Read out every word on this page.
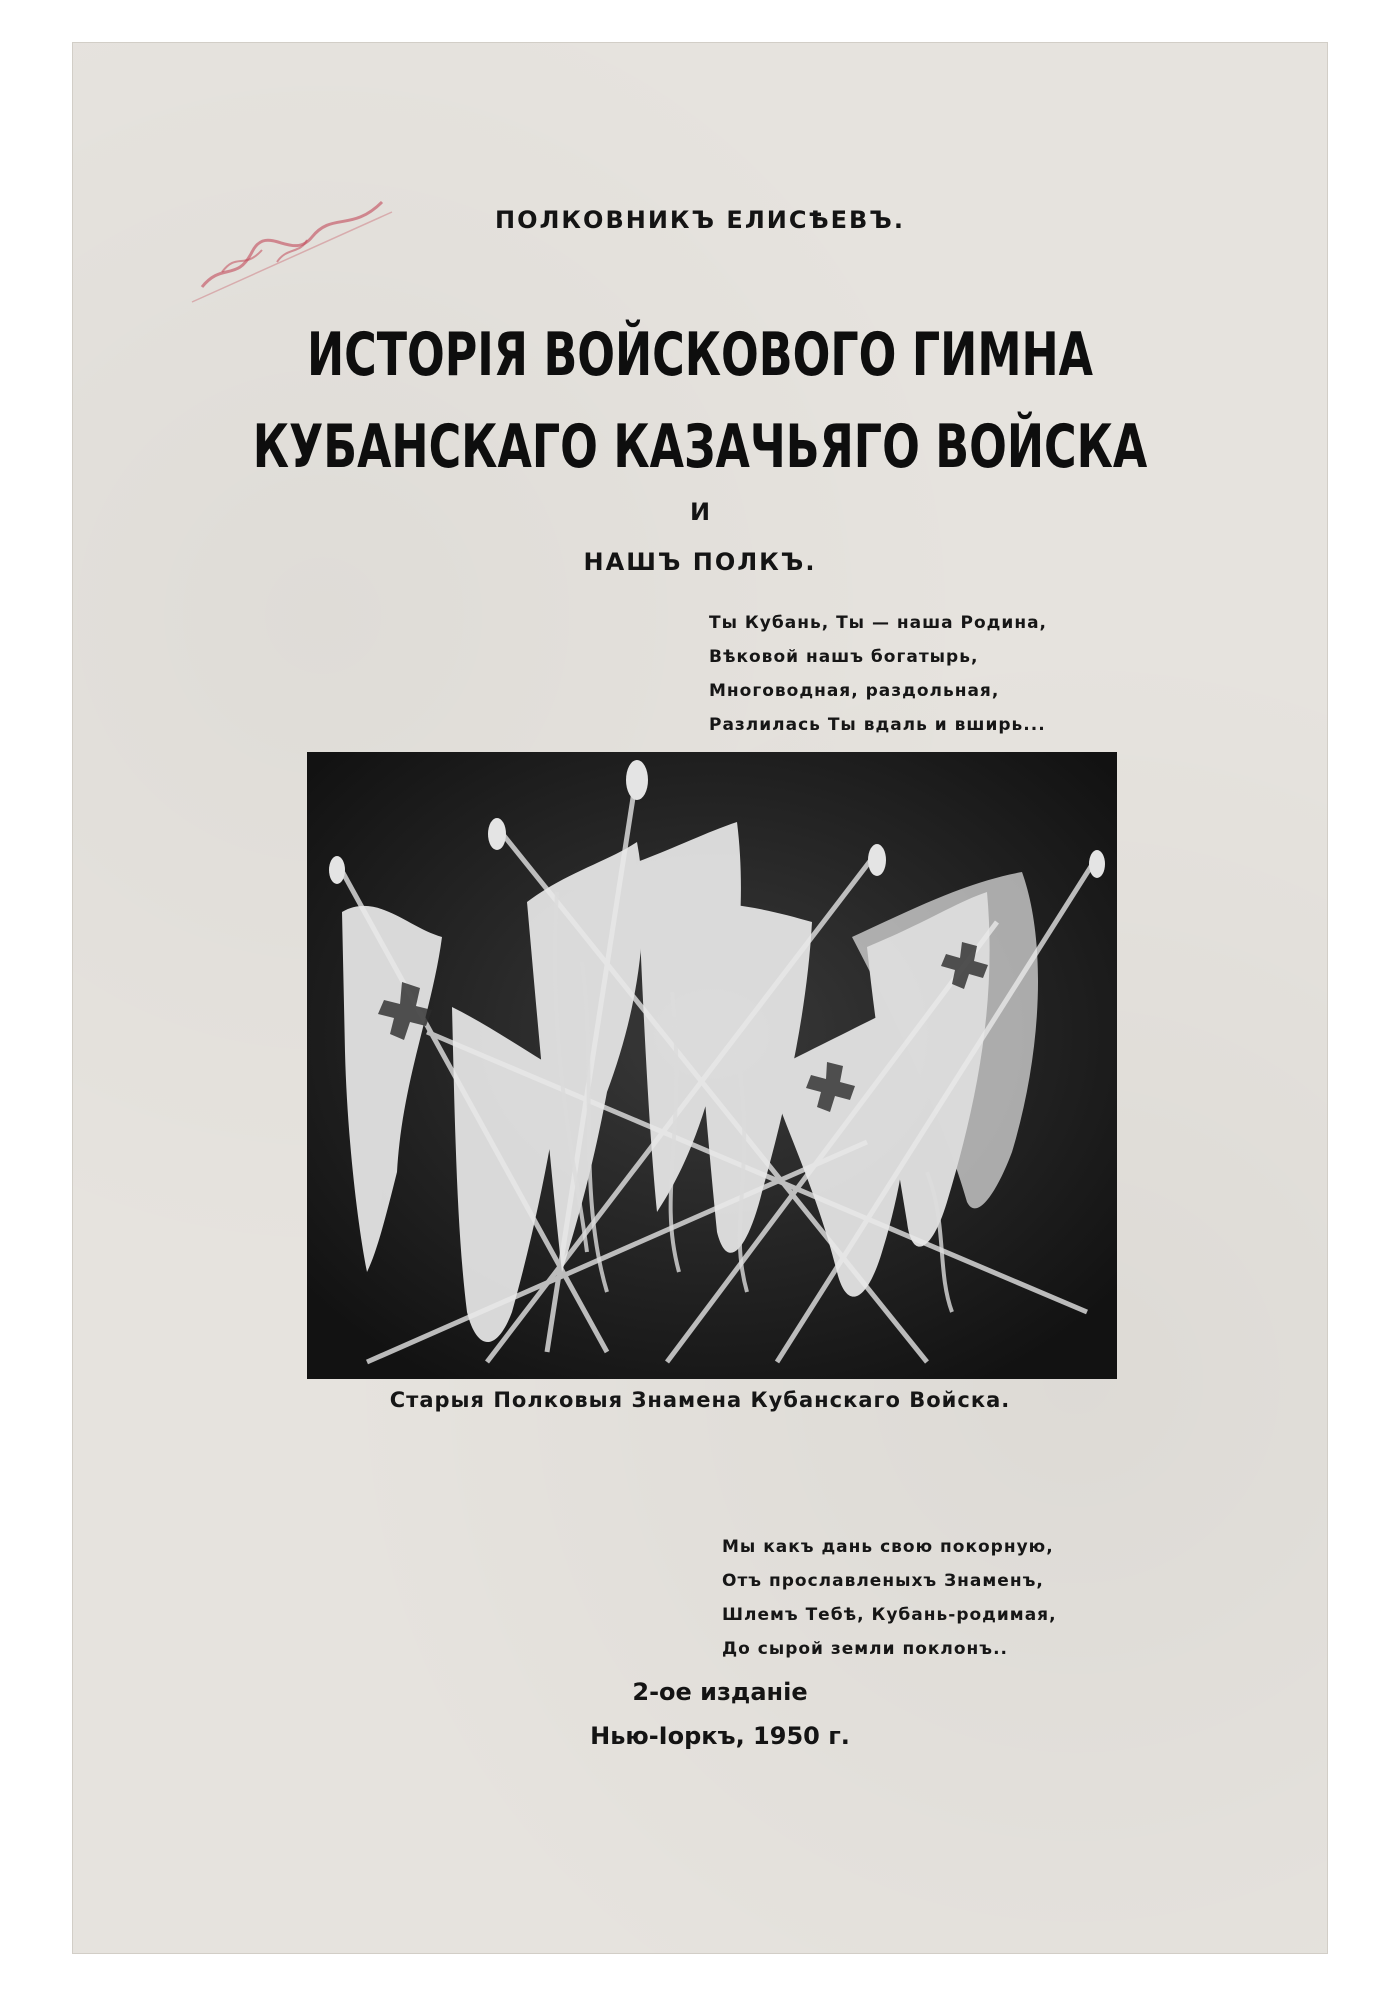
ПОЛКОВНИКЪ ЕЛИСѢЕВЪ.
ИСТОРІЯ ВОЙСКОВОГО ГИМНА
КУБАНСКАГО КАЗАЧЬЯГО ВОЙСКА
И
НАШЪ ПОЛКЪ.
Ты Кубань, Ты — наша Родина,
Вѣковой нашъ богатырь,
Многоводная, раздольная,
Разлилась Ты вдаль и вширь...
Старыя Полковыя Знамена Кубанскаго Войска.
Мы какъ дань свою покорную,
Отъ прославленыхъ Знаменъ,
Шлемъ Тебѣ, Кубань-родимая,
До сырой земли поклонъ..
2-ое изданіе
Нью-Іоркъ, 1950 г.
